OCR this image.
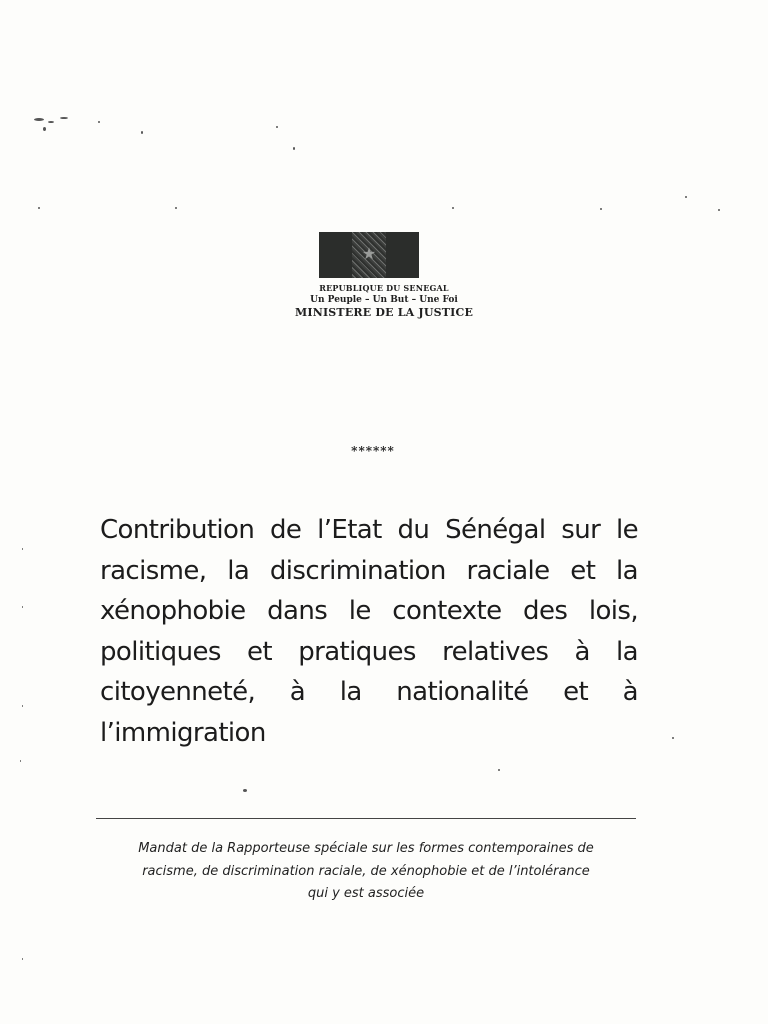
★
REPUBLIQUE DU SENEGAL
Un Peuple – Un But – Une Foi
MINISTERE DE LA JUSTICE
******
Contribution de l’Etat du Sénégal sur le racisme, la discrimination raciale et la xénophobie dans le contexte des lois, politiques et pratiques relatives à la citoyenneté, à la nationalité et à l’immigration
Mandat de la Rapporteuse spéciale sur les formes contemporaines de
racisme, de discrimination raciale, de xénophobie et de l’intolérance
qui y est associée
